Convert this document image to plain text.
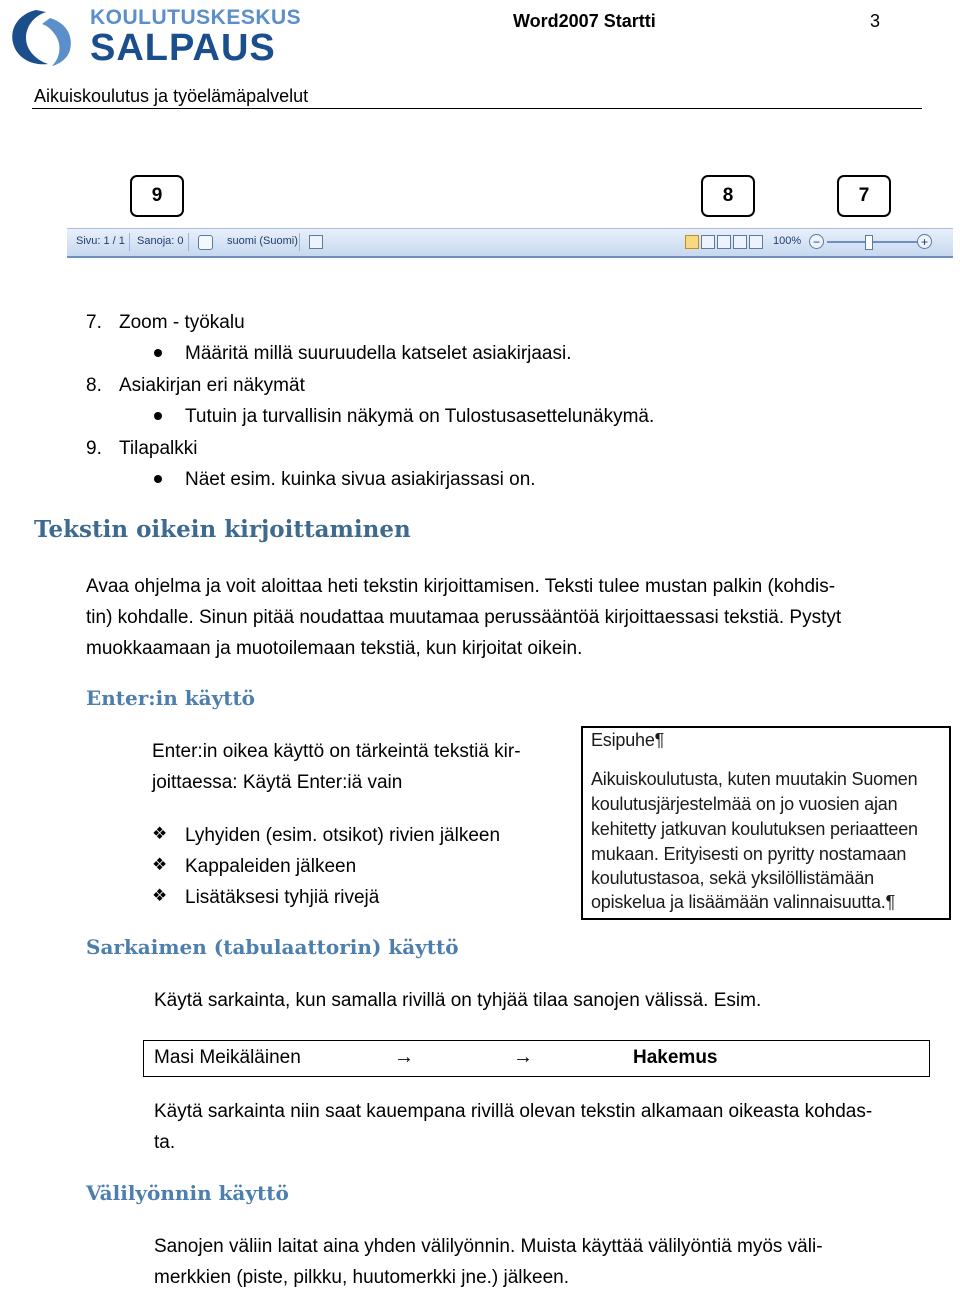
KOULUTUSKESKUS
SALPAUS
Word2007 Startti	3
Aikuiskoulutus ja työelämäpalvelut
9	8	7
Sivu: 1 / 1 Sanoja: 0	suomi (Suomi)	100% −	+
7. Zoom - työkalu
Määritä millä suuruudella katselet asiakirjaasi.
8. Asiakirjan eri näkymät
Tutuin ja turvallisin näkymä on Tulostusasettelunäkymä.
9. Tilapalkki
Näet esim. kuinka sivua asiakirjassasi on.
Tekstin oikein kirjoittaminen
Avaa ohjelma ja voit aloittaa heti tekstin kirjoittamisen. Teksti tulee mustan palkin (kohdis-
tin) kohdalle. Sinun pitää noudattaa muutamaa perussääntöä kirjoittaessasi tekstiä. Pystyt
muokkaamaan ja muotoilemaan tekstiä, kun kirjoitat oikein.
Enter:in käyttö
Enter:in oikea käyttö on tärkeintä tekstiä kir-
joittaessa: Käytä Enter:iä vain
❖ Lyhyiden (esim. otsikot) rivien jälkeen
❖ Kappaleiden jälkeen
❖ Lisätäksesi tyhjiä rivejä
Esipuhe¶
Aikuiskoulutusta, kuten muutakin Suomen
koulutusjärjestelmää on jo vuosien ajan
kehitetty jatkuvan koulutuksen periaatteen
mukaan. Erityisesti on pyritty nostamaan
koulutustasoa, sekä yksilöllistämään
opiskelua ja lisäämään valinnaisuutta.¶
Sarkaimen (tabulaattorin) käyttö
Käytä sarkainta, kun samalla rivillä on tyhjää tilaa sanojen välissä. Esim.
Masi Meikäläinen	→	→	Hakemus
Käytä sarkainta niin saat kauempana rivillä olevan tekstin alkamaan oikeasta kohdas-
ta.
Välilyönnin käyttö
Sanojen väliin laitat aina yhden välilyönnin. Muista käyttää välilyöntiä myös väli-
merkkien (piste, pilkku, huutomerkki jne.) jälkeen.
